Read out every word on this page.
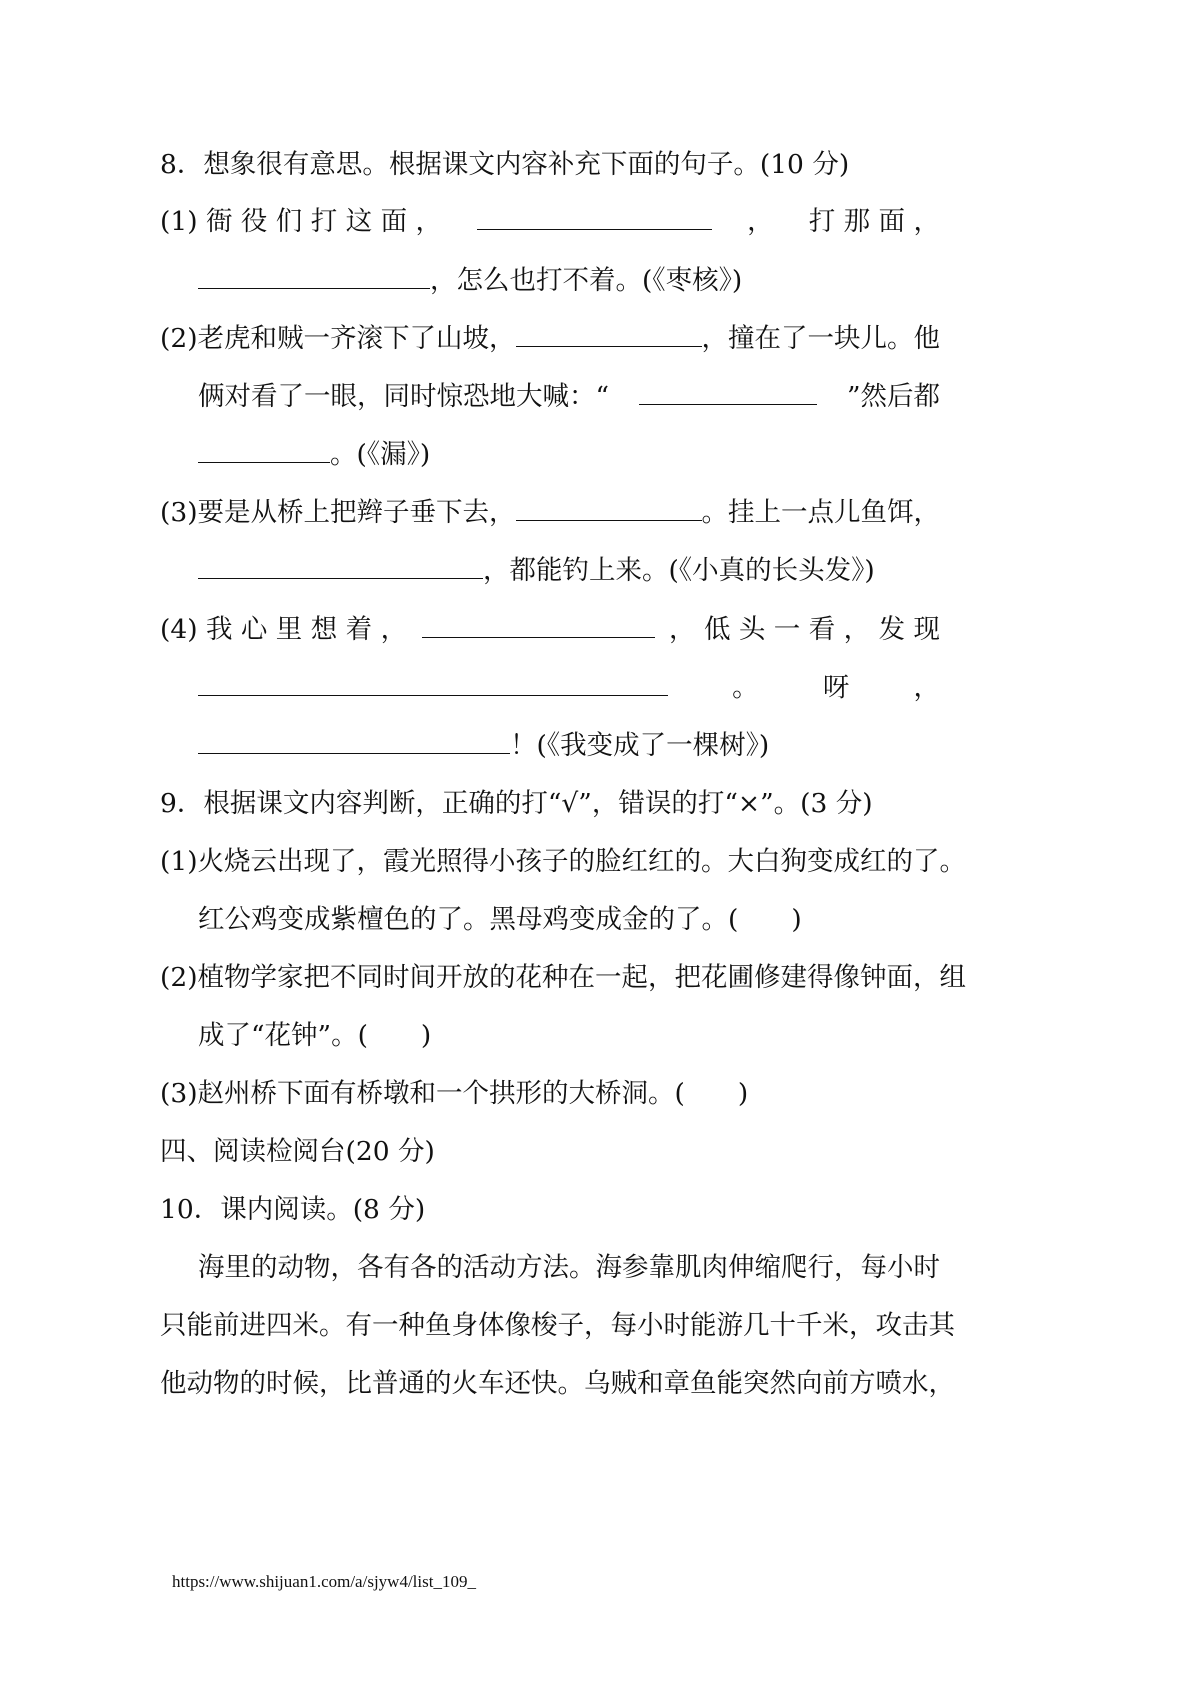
8．想象很有意思。根据课文内容补充下面的句子。(10 分)
(1) 衙 役 们 打 这 面 ，	， 打 那 面 ，
，怎么也打不着。(《枣核》)
(2)老虎和贼一齐滚下了山坡，	，撞在了一块儿。他
俩对看了一眼，同时惊恐地大喊：“	”然后都
。(《漏》)
(3)要是从桥上把辫子垂下去，	。挂上一点儿鱼饵，
，都能钓上来。(《小真的长头发》)
(4) 我 心 里 想 着 ，	， 低 头 一 看 ， 发 现
。 呀 ，
！(《我变成了一棵树》)
9．根据课文内容判断，正确的打“√”，错误的打“×”。(3 分)
(1)火烧云出现了，霞光照得小孩子的脸红红的。大白狗变成红的了。
红公鸡变成紫檀色的了。黑母鸡变成金的了。(　　)
(2)植物学家把不同时间开放的花种在一起，把花圃修建得像钟面，组
成了“花钟”。(　　)
(3)赵州桥下面有桥墩和一个拱形的大桥洞。(　　)
四、阅读检阅台(20 分)
10．课内阅读。(8 分)
海里的动物，各有各的活动方法。海参靠肌肉伸缩爬行，每小时
只能前进四米。有一种鱼身体像梭子，每小时能游几十千米，攻击其
他动物的时候，比普通的火车还快。乌贼和章鱼能突然向前方喷水，
https://www.shijuan1.com/a/sjyw4/list_109_
